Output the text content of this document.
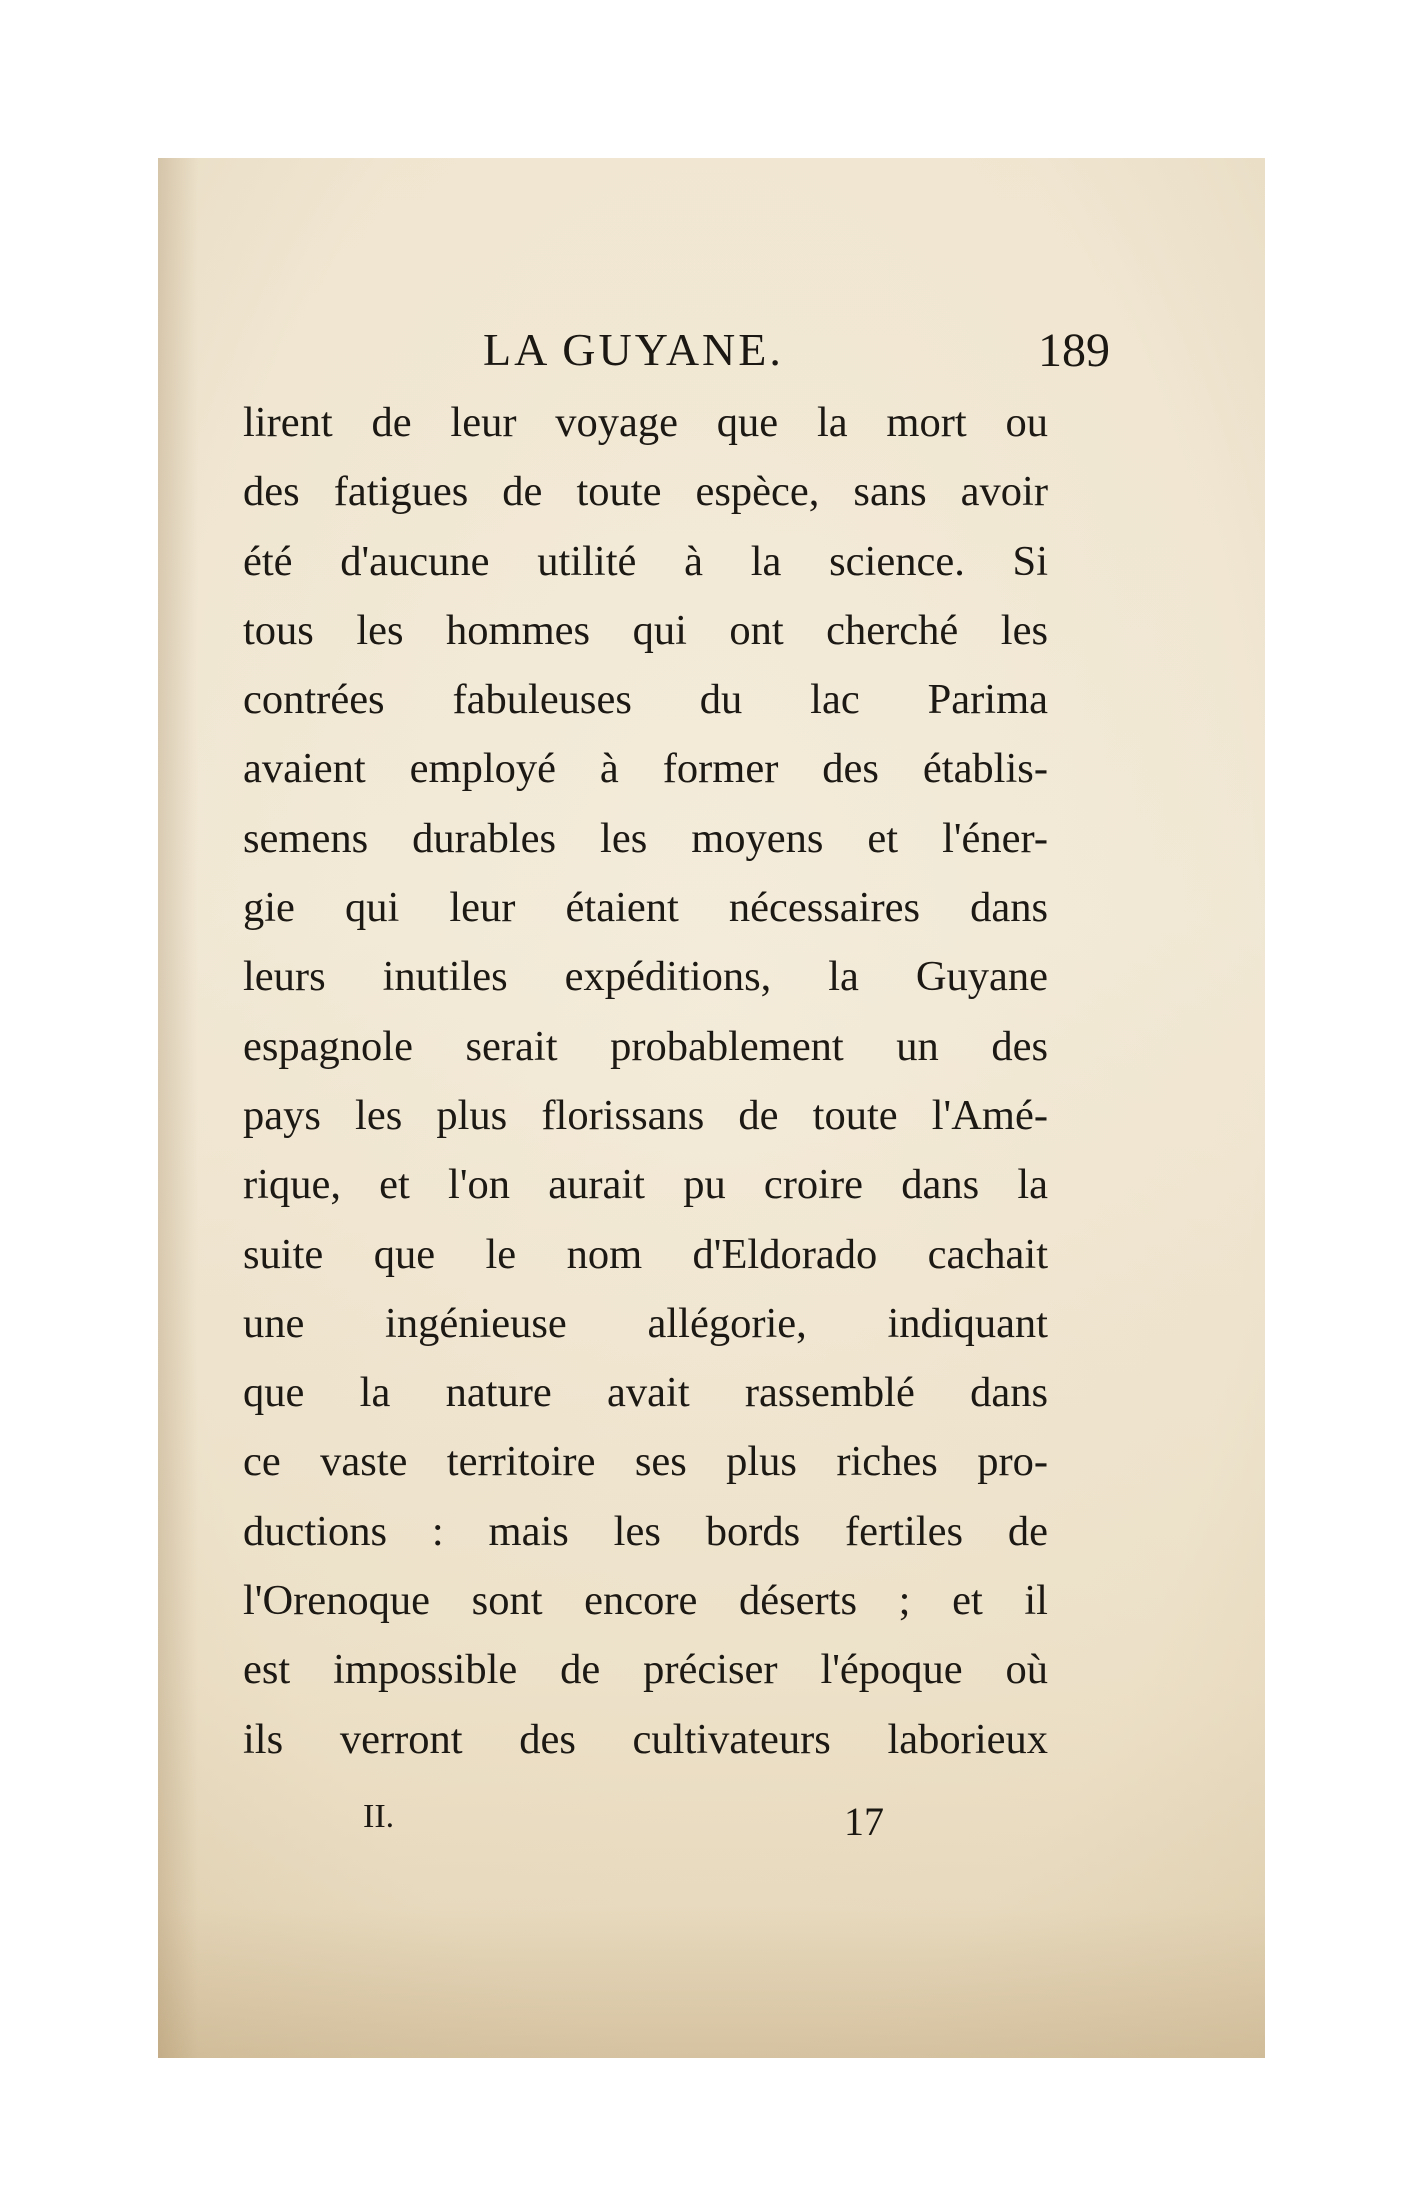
LA GUYANE.	189
lirent de leur voyage que la mort ou
des fatigues de toute espèce, sans avoir
été d'aucune utilité à la science. Si
tous les hommes qui ont cherché les
contrées fabuleuses du lac Parima
avaient employé à former des établis-
semens durables les moyens et l'éner-
gie qui leur étaient nécessaires dans
leurs inutiles expéditions, la Guyane
espagnole serait probablement un des
pays les plus florissans de toute l'Amé-
rique, et l'on aurait pu croire dans la
suite que le nom d'Eldorado cachait
une ingénieuse allégorie, indiquant
que la nature avait rassemblé dans
ce vaste territoire ses plus riches pro-
ductions : mais les bords fertiles de
l'Orenoque sont encore déserts ; et il
est impossible de préciser l'époque où
ils verront des cultivateurs laborieux
II.	17
